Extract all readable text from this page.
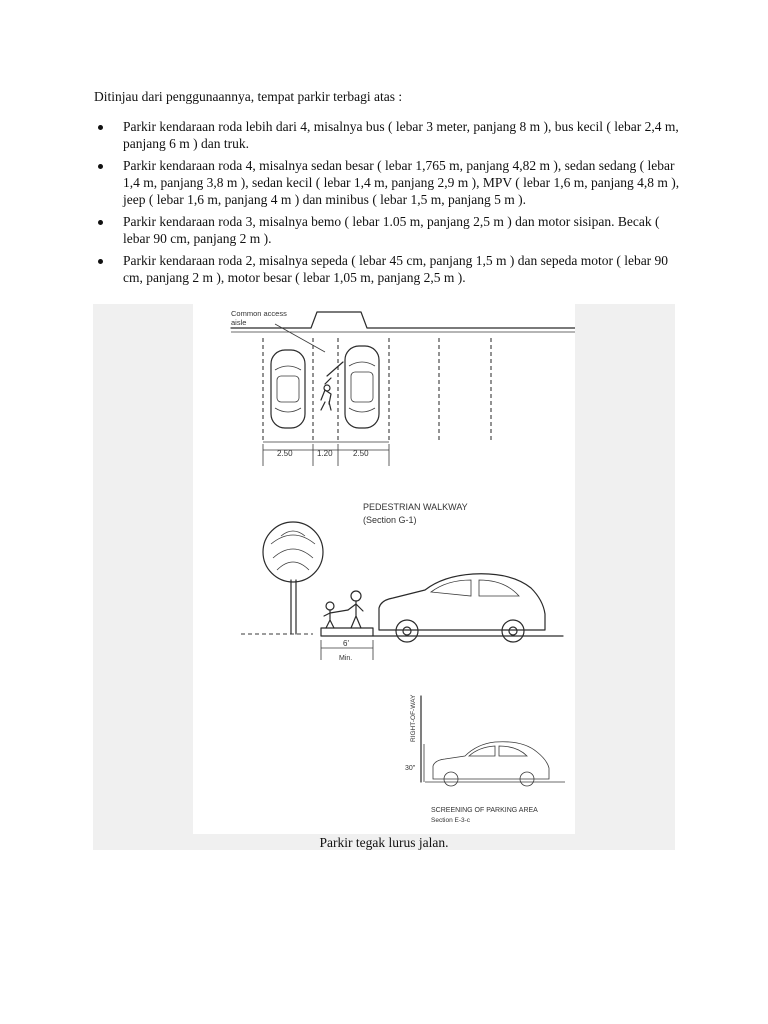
Ditinjau dari penggunaannya, tempat parkir terbagi atas :

Parkir kendaraan roda lebih dari 4, misalnya bus ( lebar 3 meter, panjang 8 m ), bus kecil ( lebar 2,4 m, panjang 6 m ) dan truk.
Parkir kendaraan roda 4, misalnya sedan besar ( lebar 1,765 m, panjang 4,82 m ), sedan sedang ( lebar 1,4 m, panjang 3,8 m ), sedan kecil ( lebar 1,4 m, panjang 2,9 m ), MPV ( lebar 1,6 m, panjang 4,8 m ), jeep ( lebar 1,6 m, panjang 4 m ) dan minibus ( lebar 1,5 m, panjang 5 m ).
Parkir kendaraan roda 3, misalnya bemo ( lebar 1.05 m, panjang 2,5 m ) dan motor sisipan. Becak ( lebar 90 cm, panjang 2 m ).
Parkir kendaraan roda 2, misalnya sepeda ( lebar 45 cm, panjang 1,5 m ) dan sepeda motor ( lebar 90 cm, panjang 2 m ), motor besar ( lebar 1,05 m, panjang 2,5 m ).
Common access
aisle
2.50	1.20	2.50
PEDESTRIAN WALKWAY
(Section G-1)
6'
Min.
RIGHT-OF-WAY
30"
SCREENING OF PARKING AREA
Section E-3-c
Parkir tegak lurus jalan.
